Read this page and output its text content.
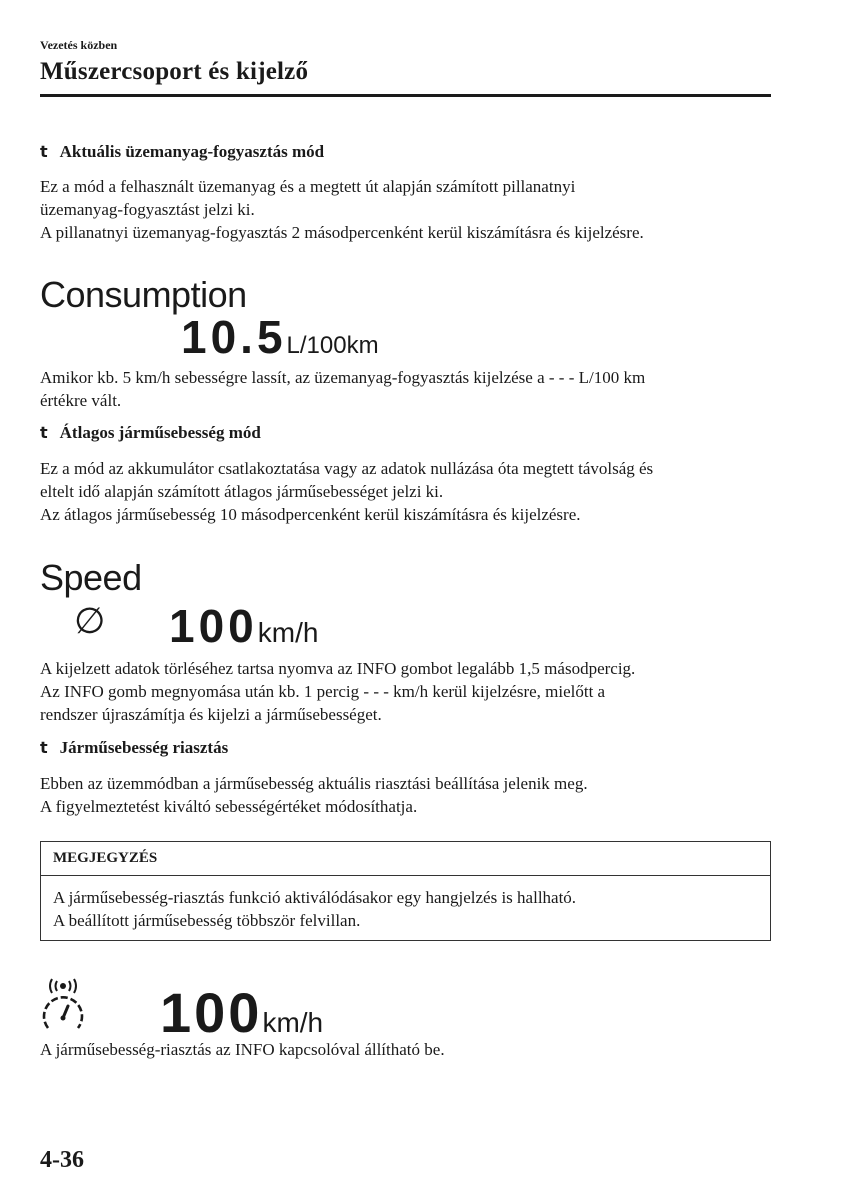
Vezetés közben
Műszercsoport és kijelző
t Aktuális üzemanyag-fogyasztás mód
Ez a mód a felhasznált üzemanyag és a megtett út alapján számított pillanatnyi
üzemanyag-fogyasztást jelzi ki.
A pillanatnyi üzemanyag-fogyasztás 2 másodpercenként kerül kiszámításra és kijelzésre.
Consumption
10.5L/100km
Amikor kb. 5 km/h sebességre lassít, az üzemanyag-fogyasztás kijelzése a - - - L/100 km
értékre vált.
t Átlagos járműsebesség mód
Ez a mód az akkumulátor csatlakoztatása vagy az adatok nullázása óta megtett távolság és
eltelt idő alapján számított átlagos járműsebességet jelzi ki.
Az átlagos járműsebesség 10 másodpercenként kerül kiszámításra és kijelzésre.
Speed
∅ 100km/h
A kijelzett adatok törléséhez tartsa nyomva az INFO gombot legalább 1,5 másodpercig.
Az INFO gomb megnyomása után kb. 1 percig - - - km/h kerül kijelzésre, mielőtt a
rendszer újraszámítja és kijelzi a járműsebességet.
t Járműsebesség riasztás
Ebben az üzemmódban a járműsebesség aktuális riasztási beállítása jelenik meg.
A figyelmeztetést kiváltó sebességértéket módosíthatja.
MEGJEGYZÉS
A járműsebesség-riasztás funkció aktiválódásakor egy hangjelzés is hallható.
A beállított járműsebesség többször felvillan.
100km/h
A járműsebesség-riasztás az INFO kapcsolóval állítható be.
4-36
